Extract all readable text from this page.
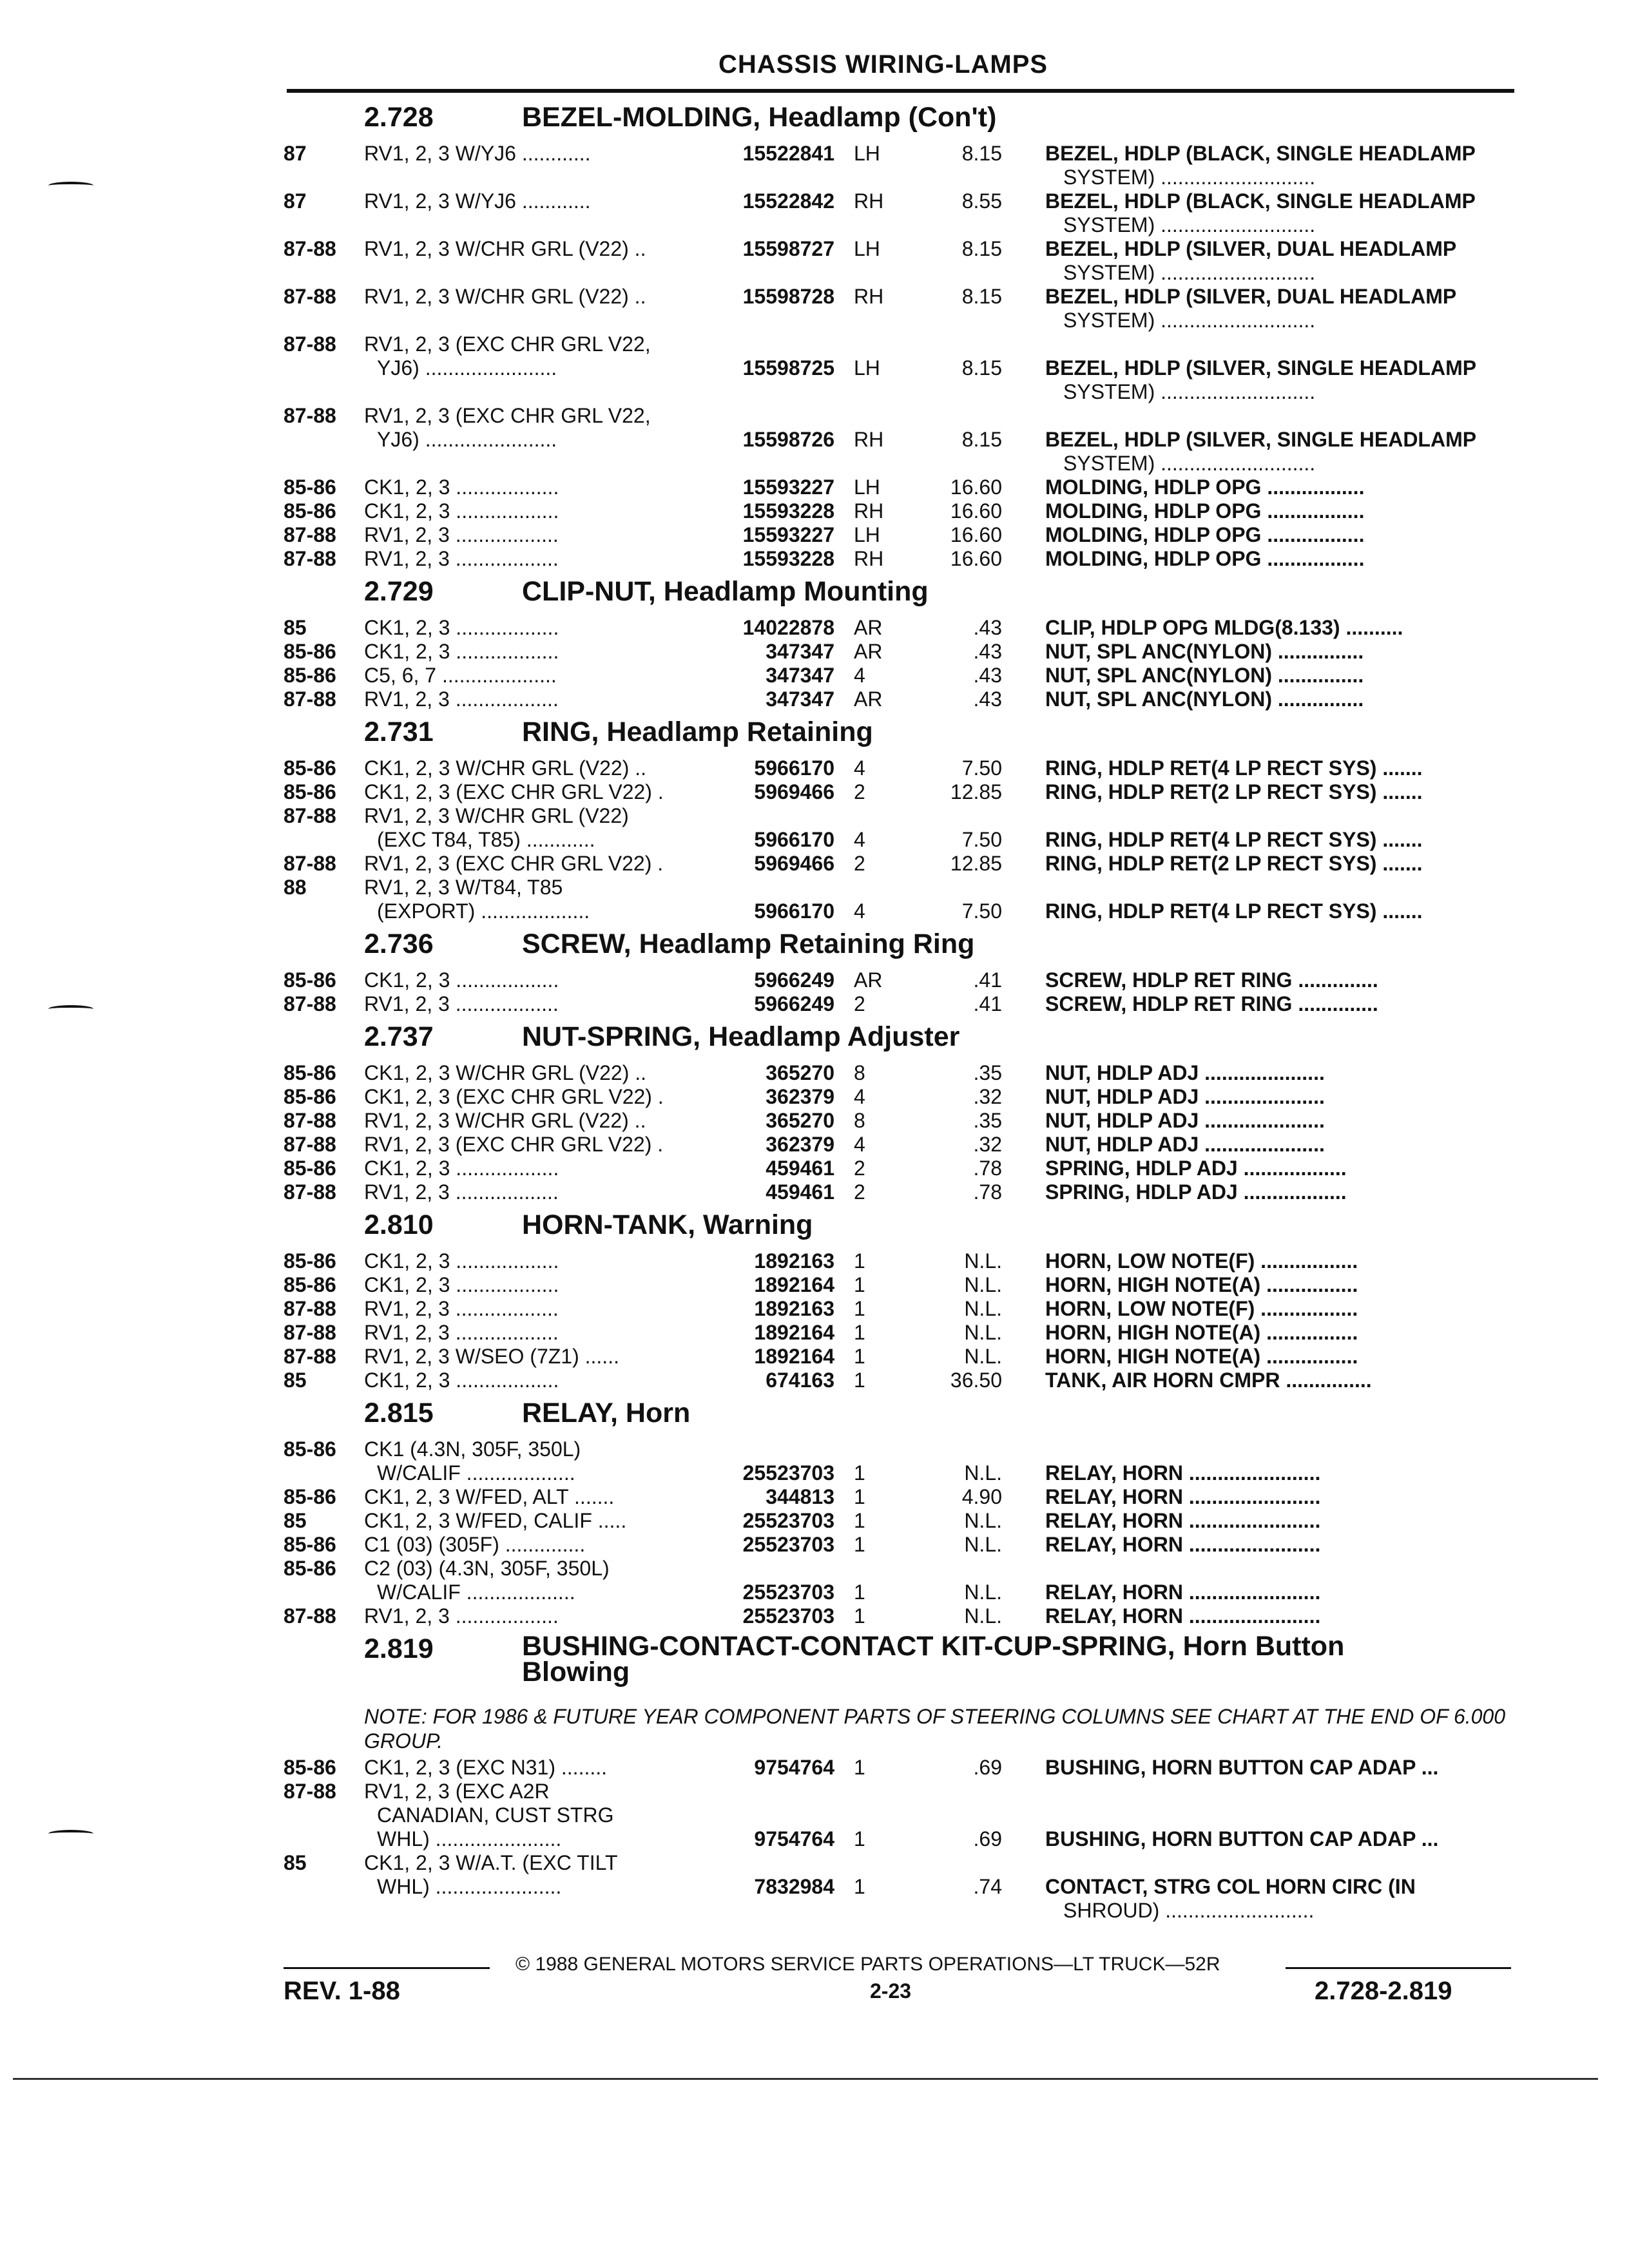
CHASSIS WIRING-LAMPS
2.728	BEZEL-MOLDING, Headlamp (Con't)
87	RV1, 2, 3 W/YJ6 ............	15522841 LH	8.15 BEZEL, HDLP (BLACK, SINGLE HEADLAMP
SYSTEM) ...........................
87	RV1, 2, 3 W/YJ6 ............	15522842 RH	8.55 BEZEL, HDLP (BLACK, SINGLE HEADLAMP
SYSTEM) ...........................
87-88 RV1, 2, 3 W/CHR GRL (V22) ..	15598727 LH	8.15 BEZEL, HDLP (SILVER, DUAL HEADLAMP
SYSTEM) ...........................
87-88 RV1, 2, 3 W/CHR GRL (V22) ..	15598728 RH	8.15 BEZEL, HDLP (SILVER, DUAL HEADLAMP
SYSTEM) ...........................
87-88 RV1, 2, 3 (EXC CHR GRL V22,
YJ6) .......................	15598725 LH	8.15 BEZEL, HDLP (SILVER, SINGLE HEADLAMP
SYSTEM) ...........................
87-88 RV1, 2, 3 (EXC CHR GRL V22,
YJ6) .......................	15598726 RH	8.15 BEZEL, HDLP (SILVER, SINGLE HEADLAMP
SYSTEM) ...........................
85-86 CK1, 2, 3 ..................	15593227 LH	16.60 MOLDING, HDLP OPG .................
85-86 CK1, 2, 3 ..................	15593228 RH	16.60 MOLDING, HDLP OPG .................
87-88 RV1, 2, 3 ..................	15593227 LH	16.60 MOLDING, HDLP OPG .................
87-88 RV1, 2, 3 ..................	15593228 RH	16.60 MOLDING, HDLP OPG .................
2.729	CLIP-NUT, Headlamp Mounting
85	CK1, 2, 3 ..................	14022878 AR	.43 CLIP, HDLP OPG MLDG(8.133) ..........
85-86 CK1, 2, 3 ..................	347347 AR	.43 NUT, SPL ANC(NYLON) ...............
85-86 C5, 6, 7 ....................	347347 4	.43 NUT, SPL ANC(NYLON) ...............
87-88 RV1, 2, 3 ..................	347347 AR	.43 NUT, SPL ANC(NYLON) ...............
2.731	RING, Headlamp Retaining
85-86 CK1, 2, 3 W/CHR GRL (V22) ..	5966170 4	7.50 RING, HDLP RET(4 LP RECT SYS) .......
85-86 CK1, 2, 3 (EXC CHR GRL V22) .	5969466 2	12.85 RING, HDLP RET(2 LP RECT SYS) .......
87-88 RV1, 2, 3 W/CHR GRL (V22)
(EXC T84, T85) ............	5966170 4	7.50 RING, HDLP RET(4 LP RECT SYS) .......
87-88 RV1, 2, 3 (EXC CHR GRL V22) .	5969466 2	12.85 RING, HDLP RET(2 LP RECT SYS) .......
88	RV1, 2, 3 W/T84, T85
(EXPORT) ...................	5966170 4	7.50 RING, HDLP RET(4 LP RECT SYS) .......
2.736	SCREW, Headlamp Retaining Ring
85-86 CK1, 2, 3 ..................	5966249 AR	.41 SCREW, HDLP RET RING ..............
87-88 RV1, 2, 3 ..................	5966249 2	.41 SCREW, HDLP RET RING ..............
2.737	NUT-SPRING, Headlamp Adjuster
85-86 CK1, 2, 3 W/CHR GRL (V22) ..	365270 8	.35 NUT, HDLP ADJ .....................
85-86 CK1, 2, 3 (EXC CHR GRL V22) .	362379 4	.32 NUT, HDLP ADJ .....................
87-88 RV1, 2, 3 W/CHR GRL (V22) ..	365270 8	.35 NUT, HDLP ADJ .....................
87-88 RV1, 2, 3 (EXC CHR GRL V22) .	362379 4	.32 NUT, HDLP ADJ .....................
85-86 CK1, 2, 3 ..................	459461 2	.78 SPRING, HDLP ADJ ..................
87-88 RV1, 2, 3 ..................	459461 2	.78 SPRING, HDLP ADJ ..................
2.810	HORN-TANK, Warning
85-86 CK1, 2, 3 ..................	1892163 1	N.L. HORN, LOW NOTE(F) .................
85-86 CK1, 2, 3 ..................	1892164 1	N.L. HORN, HIGH NOTE(A) ................
87-88 RV1, 2, 3 ..................	1892163 1	N.L. HORN, LOW NOTE(F) .................
87-88 RV1, 2, 3 ..................	1892164 1	N.L. HORN, HIGH NOTE(A) ................
87-88 RV1, 2, 3 W/SEO (7Z1) ......	1892164 1	N.L. HORN, HIGH NOTE(A) ................
85	CK1, 2, 3 ..................	674163 1	36.50 TANK, AIR HORN CMPR ...............
2.815	RELAY, Horn
85-86 CK1 (4.3N, 305F, 350L)
W/CALIF ...................	25523703 1	N.L. RELAY, HORN .......................
85-86 CK1, 2, 3 W/FED, ALT .......	344813 1	4.90 RELAY, HORN .......................
85	CK1, 2, 3 W/FED, CALIF .....	25523703 1	N.L. RELAY, HORN .......................
85-86 C1 (03) (305F) ..............	25523703 1	N.L. RELAY, HORN .......................
85-86 C2 (03) (4.3N, 305F, 350L)
W/CALIF ...................	25523703 1	N.L. RELAY, HORN .......................
87-88 RV1, 2, 3 ..................	25523703 1	N.L. RELAY, HORN .......................
2.819	BUSHING-CONTACT-CONTACT KIT-CUP-SPRING, Horn Button Blowing
NOTE: FOR 1986 & FUTURE YEAR COMPONENT PARTS OF STEERING COLUMNS SEE CHART AT THE END OF 6.000 GROUP.
85-86 CK1, 2, 3 (EXC N31) ........	9754764 1	.69 BUSHING, HORN BUTTON CAP ADAP ...
87-88 RV1, 2, 3 (EXC A2R
CANADIAN, CUST STRG
WHL) ......................	9754764 1	.69 BUSHING, HORN BUTTON CAP ADAP ...
85	CK1, 2, 3 W/A.T. (EXC TILT
WHL) ......................	7832984 1	.74 CONTACT, STRG COL HORN CIRC (IN
SHROUD) ..........................
© 1988 GENERAL MOTORS SERVICE PARTS OPERATIONS—LT TRUCK—52R
REV. 1-88	2-23	2.728-2.819
